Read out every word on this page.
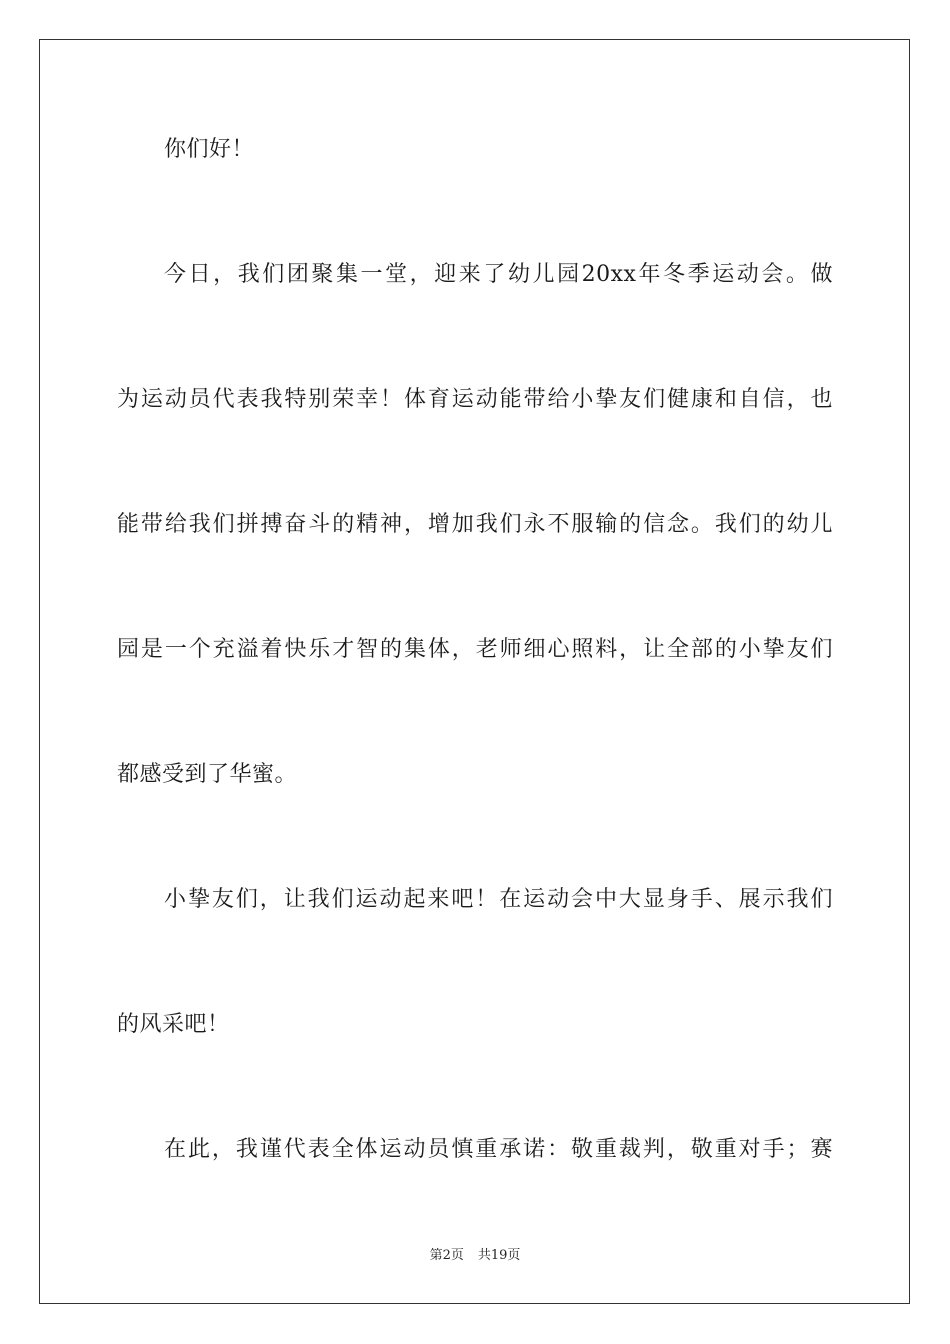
你们好！
今日，我们团聚集一堂，迎来了幼儿园20xx年冬季运动会。做
为运动员代表我特别荣幸！体育运动能带给小挚友们健康和自信，也
能带给我们拼搏奋斗的精神，增加我们永不服输的信念。我们的幼儿
园是一个充溢着快乐才智的集体，老师细心照料，让全部的小挚友们
都感受到了华蜜。
小挚友们，让我们运动起来吧！在运动会中大显身手、展示我们
的风采吧！
在此，我谨代表全体运动员慎重承诺：敬重裁判，敬重对手；赛
第2页 共19页
